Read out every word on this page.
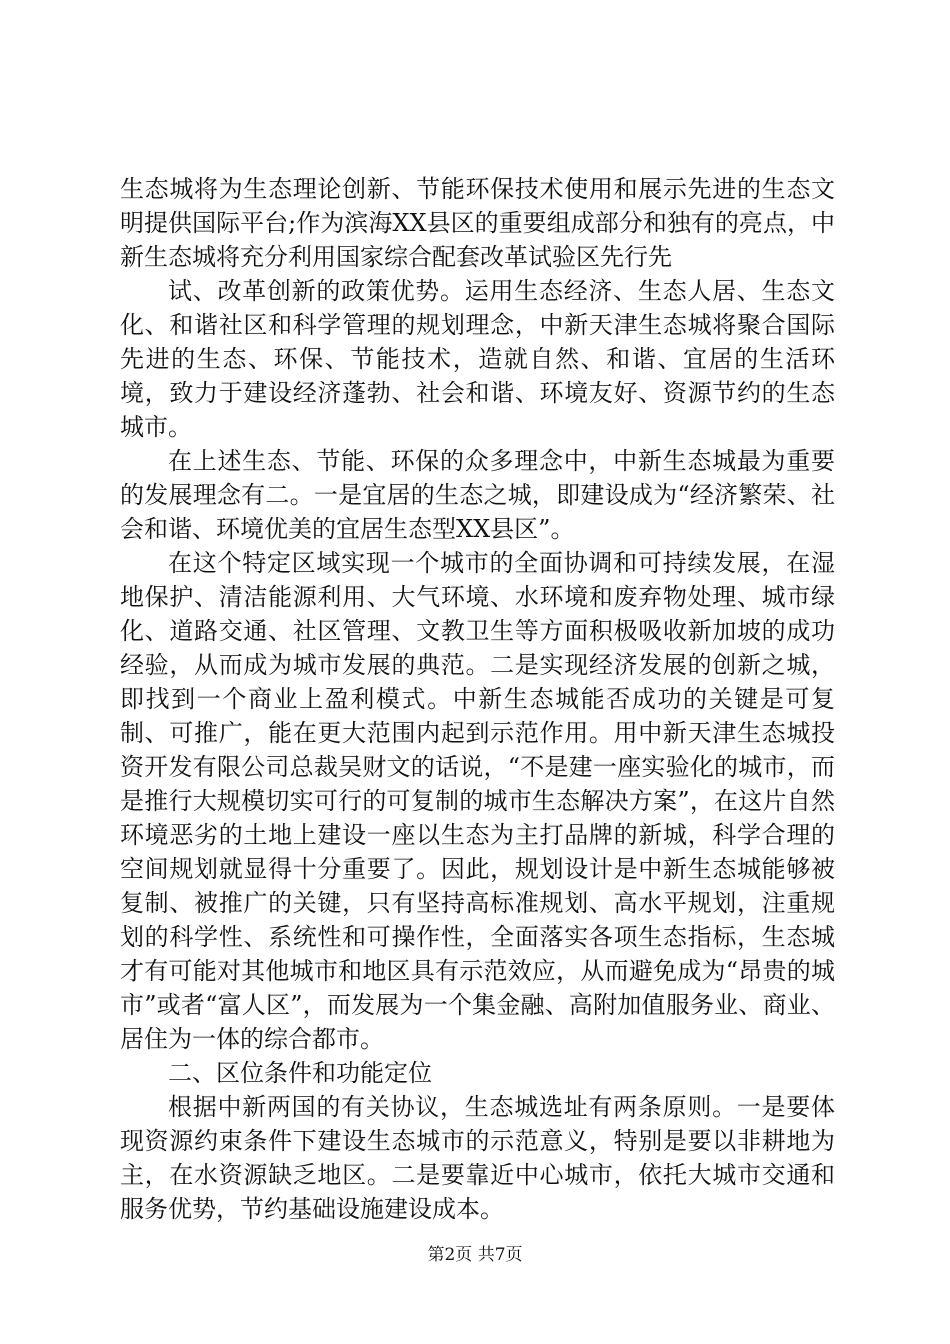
生态城将为生态理论创新、节能环保技术使用和展示先进的生态文明提供国际平台;作为滨海XX县区的重要组成部分和独有的亮点，中新生态城将充分利用国家综合配套改革试验区先行先

试、改革创新的政策优势。运用生态经济、生态人居、生态文化、和谐社区和科学管理的规划理念，中新天津生态城将聚合国际先进的生态、环保、节能技术，造就自然、和谐、宜居的生活环境，致力于建设经济蓬勃、社会和谐、环境友好、资源节约的生态城市。

在上述生态、节能、环保的众多理念中，中新生态城最为重要的发展理念有二。一是宜居的生态之城，即建设成为“经济繁荣、社会和谐、环境优美的宜居生态型XX县区”。

在这个特定区域实现一个城市的全面协调和可持续发展，在湿地保护、清洁能源利用、大气环境、水环境和废弃物处理、城市绿化、道路交通、社区管理、文教卫生等方面积极吸收新加坡的成功经验，从而成为城市发展的典范。二是实现经济发展的创新之城，即找到一个商业上盈利模式。中新生态城能否成功的关键是可复制、可推广，能在更大范围内起到示范作用。用中新天津生态城投资开发有限公司总裁吴财文的话说，“不是建一座实验化的城市，而是推行大规模切实可行的可复制的城市生态解决方案”，在这片自然环境恶劣的土地上建设一座以生态为主打品牌的新城，科学合理的空间规划就显得十分重要了。因此，规划设计是中新生态城能够被复制、被推广的关键，只有坚持高标准规划、高水平规划，注重规划的科学性、系统性和可操作性，全面落实各项生态指标，生态城才有可能对其他城市和地区具有示范效应，从而避免成为“昂贵的城市”或者“富人区”，而发展为一个集金融、高附加值服务业、商业、居住为一体的综合都市。

二、区位条件和功能定位

根据中新两国的有关协议，生态城选址有两条原则。一是要体现资源约束条件下建设生态城市的示范意义，特别是要以非耕地为主，在水资源缺乏地区。二是要靠近中心城市，依托大城市交通和服务优势，节约基础设施建设成本。

第2页 共7页
